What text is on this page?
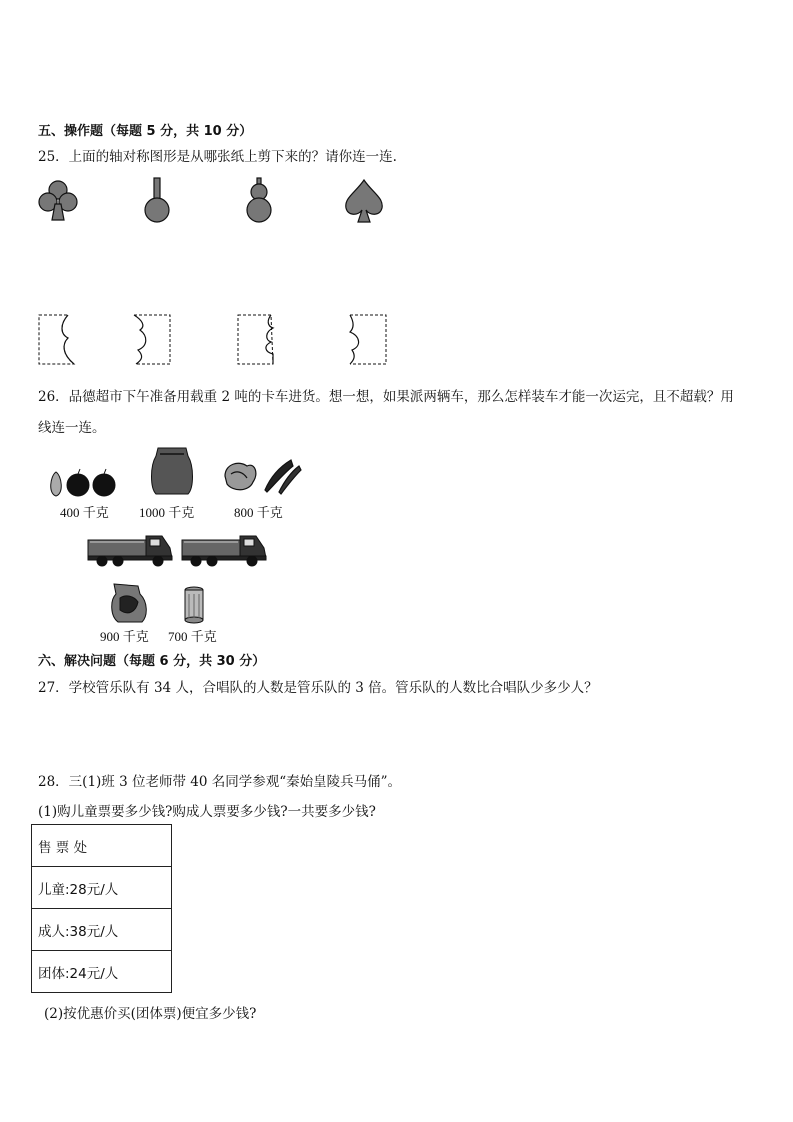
五、操作题（每题 5 分，共 10 分）
25．上面的轴对称图形是从哪张纸上剪下来的？请你连一连.
26．品德超市下午准备用载重 2 吨的卡车进货。想一想，如果派两辆车，那么怎样装车才能一次运完，且不超载？用
线连一连。
400 千克 1000 千克	800 千克
900 千克 700 千克
六、解决问题（每题 6 分，共 30 分）
27．学校管乐队有 34 人，合唱队的人数是管乐队的 3 倍。管乐队的人数比合唱队少多少人？
28．三(1)班 3 位老师带 40 名同学参观“秦始皇陵兵马俑”。
(1)购儿童票要多少钱?购成人票要多少钱?一共要多少钱?
售 票 处
儿童:28元/人
成人:38元/人
团体:24元/人
(2)按优惠价买(团体票)便宜多少钱?
